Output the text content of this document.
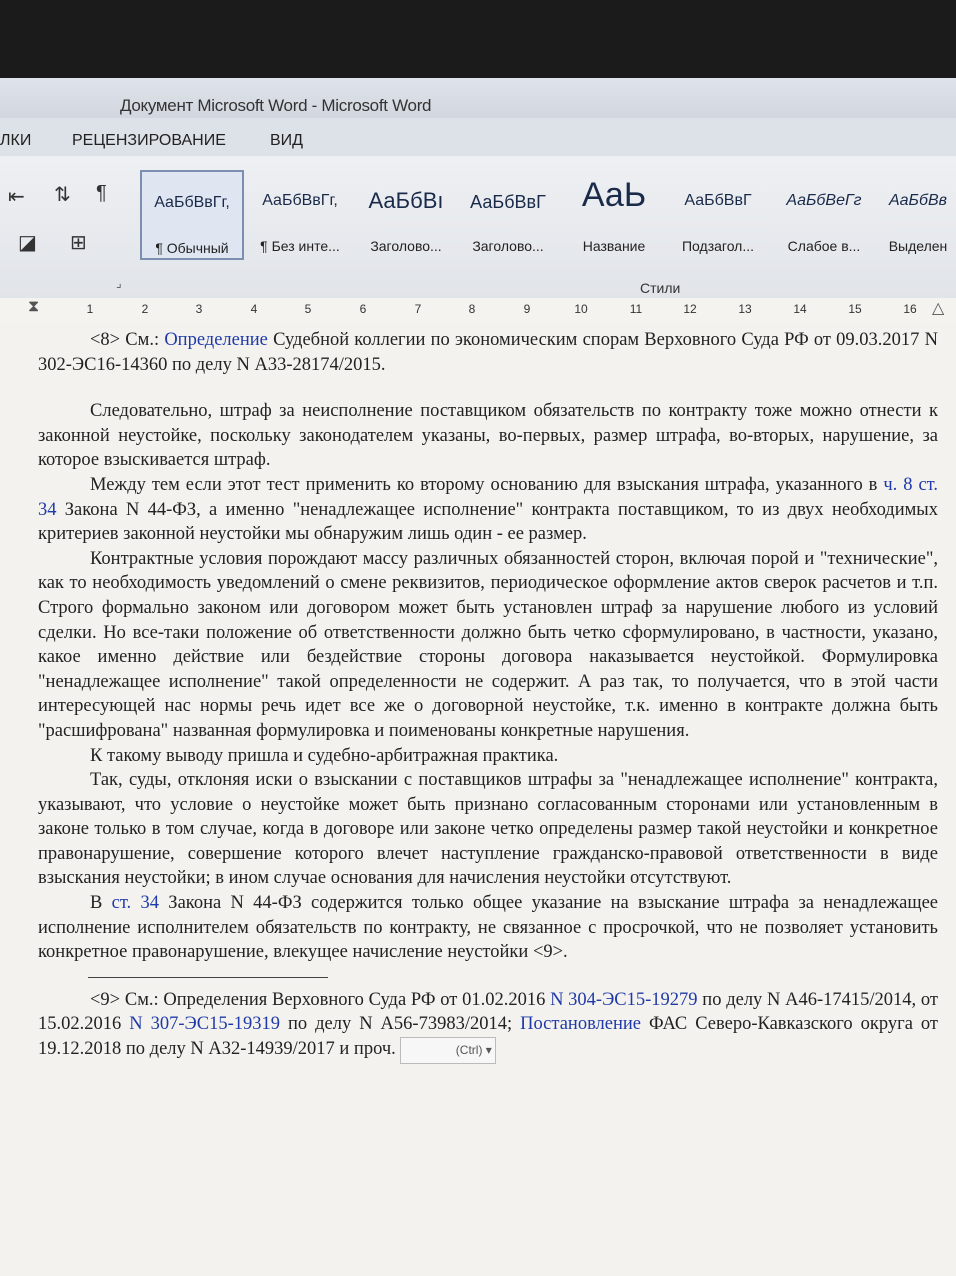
Документ Microsoft Word - Microsoft Word
ЛКИ	РЕЦЕНЗИРОВАНИЕ	ВИД
⇤ ⇅ ¶
◪ ⊞
⌟
АаБбВвГг,
¶ Обычный
АаБбВвГг,
¶ Без инте...
АаБбВı
Заголово...
АаБбВвГ
Заголово...
АаЬ
Название
АаБбВвГ
Подзагол...
АаБбВеГг
Слабое в...
АаБбВв
Выделен
Стили
⧗	1	2	3	4	5	6	7	8	9	10	11	12	13	14	15	16 △

<8> См.: Определение Судебной коллегии по экономическим спорам Верховного Суда РФ от 09.03.2017 N 302-ЭС16-14360 по делу N А33-28174/2015.

Следовательно, штраф за неисполнение поставщиком обязательств по контракту тоже можно отнести к законной неустойке, поскольку законодателем указаны, во-первых, размер штрафа, во-вторых, нарушение, за которое взыскивается штраф.

Между тем если этот тест применить ко второму основанию для взыскания штрафа, указанного в ч. 8 ст. 34 Закона N 44-ФЗ, а именно "ненадлежащее исполнение" контракта поставщиком, то из двух необходимых критериев законной неустойки мы обнаружим лишь один - ее размер.

Контрактные условия порождают массу различных обязанностей сторон, включая порой и "технические", как то необходимость уведомлений о смене реквизитов, периодическое оформление актов сверок расчетов и т.п. Строго формально законом или договором может быть установлен штраф за нарушение любого из условий сделки. Но все-таки положение об ответственности должно быть четко сформулировано, в частности, указано, какое именно действие или бездействие стороны договора наказывается неустойкой. Формулировка "ненадлежащее исполнение" такой определенности не содержит. А раз так, то получается, что в этой части интересующей нас нормы речь идет все же о договорной неустойке, т.к. именно в контракте должна быть "расшифрована" названная формулировка и поименованы конкретные нарушения.

К такому выводу пришла и судебно-арбитражная практика.

Так, суды, отклоняя иски о взыскании с поставщиков штрафы за "ненадлежащее исполнение" контракта, указывают, что условие о неустойке может быть признано согласованным сторонами или установленным в законе только в том случае, когда в договоре или законе четко определены размер такой неустойки и конкретное правонарушение, совершение которого влечет наступление гражданско-правовой ответственности в виде взыскания неустойки; в ином случае основания для начисления неустойки отсутствуют.

В ст. 34 Закона N 44-ФЗ содержится только общее указание на взыскание штрафа за ненадлежащее исполнение исполнителем обязательств по контракту, не связанное с просрочкой, что не позволяет установить конкретное правонарушение, влекущее начисление неустойки <9>.

<9> См.: Определения Верховного Суда РФ от 01.02.2016 N 304-ЭС15-19279 по делу N А46-17415/2014, от 15.02.2016 N 307-ЭС15-19319 по делу N А56-73983/2014; Постановление ФАС Северо-Кавказского округа от 19.12.2018 по делу N А32-14939/2017 и проч.	(Ctrl) ▾
